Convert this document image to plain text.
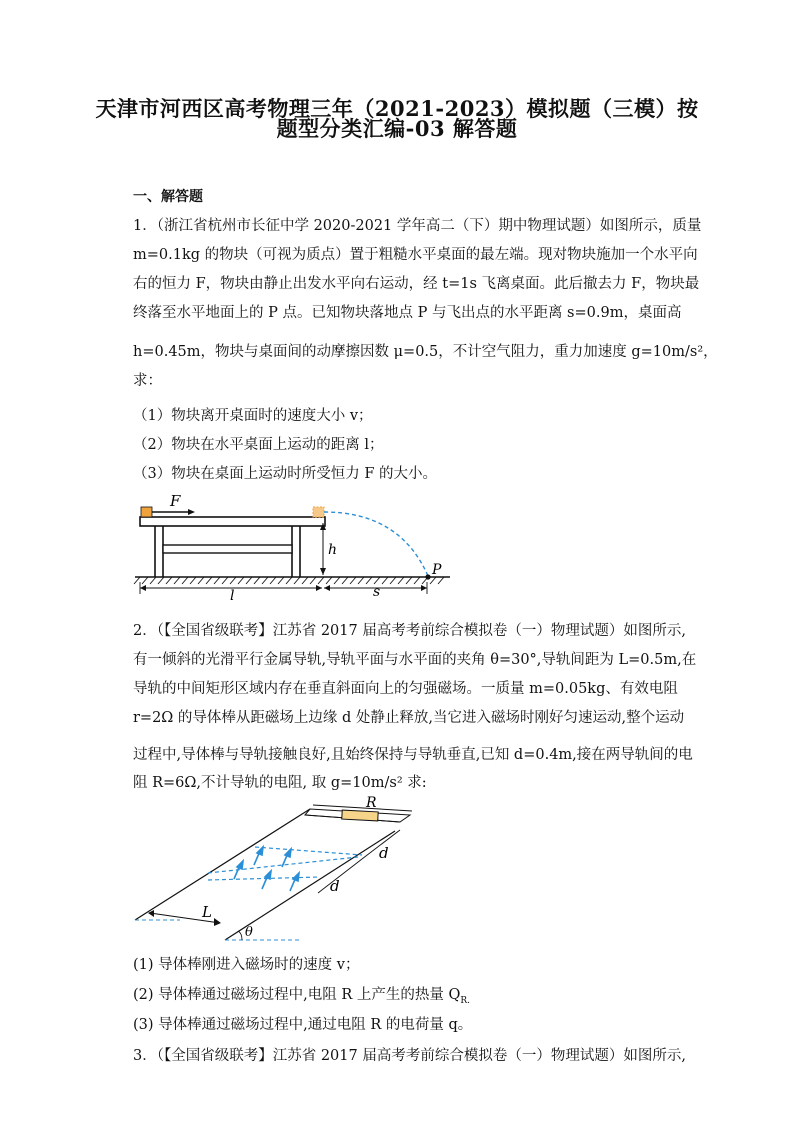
天津市河西区高考物理三年（2021-2023）模拟题（三模）按
题型分类汇编-03 解答题
一、解答题
1．（浙江省杭州市长征中学 2020-2021 学年高二（下）期中物理试题）如图所示，质量
m=0.1kg 的物块（可视为质点）置于粗糙水平桌面的最左端。现对物块施加一个水平向
右的恒力 F，物块由静止出发水平向右运动，经 t=1s 飞离桌面。此后撤去力 F，物块最
终落至水平地面上的 P 点。已知物块落地点 P 与飞出点的水平距离 s=0.9m，桌面高
h=0.45m，物块与桌面间的动摩擦因数 μ=0.5，不计空气阻力，重力加速度 g=10m/s²，
求：
（1）物块离开桌面时的速度大小 v；
（2）物块在水平桌面上运动的距离 l；
（3）物块在桌面上运动时所受恒力 F 的大小。
F
h
P
l	s
2．（【全国省级联考】江苏省 2017 届高考考前综合模拟卷（一）物理试题）如图所示,
有一倾斜的光滑平行金属导轨,导轨平面与水平面的夹角 θ=30°,导轨间距为 L=0.5m,在
导轨的中间矩形区域内存在垂直斜面向上的匀强磁场。一质量 m=0.05kg、有效电阻
r=2Ω 的导体棒从距磁场上边缘 d 处静止释放,当它进入磁场时刚好匀速运动,整个运动
过程中,导体棒与导轨接触良好,且始终保持与导轨垂直,已知 d=0.4m,接在两导轨间的电
阻 R=6Ω,不计导轨的电阻, 取 g=10m/s² 求:
R
d
d
L
θ
(1) 导体棒刚进入磁场时的速度 v；
(2) 导体棒通过磁场过程中,电阻 R 上产生的热量 $Q_{R.}$
(3) 导体棒通过磁场过程中,通过电阻 R 的电荷量 q。
3．（【全国省级联考】江苏省 2017 届高考考前综合模拟卷（一）物理试题）如图所示,
